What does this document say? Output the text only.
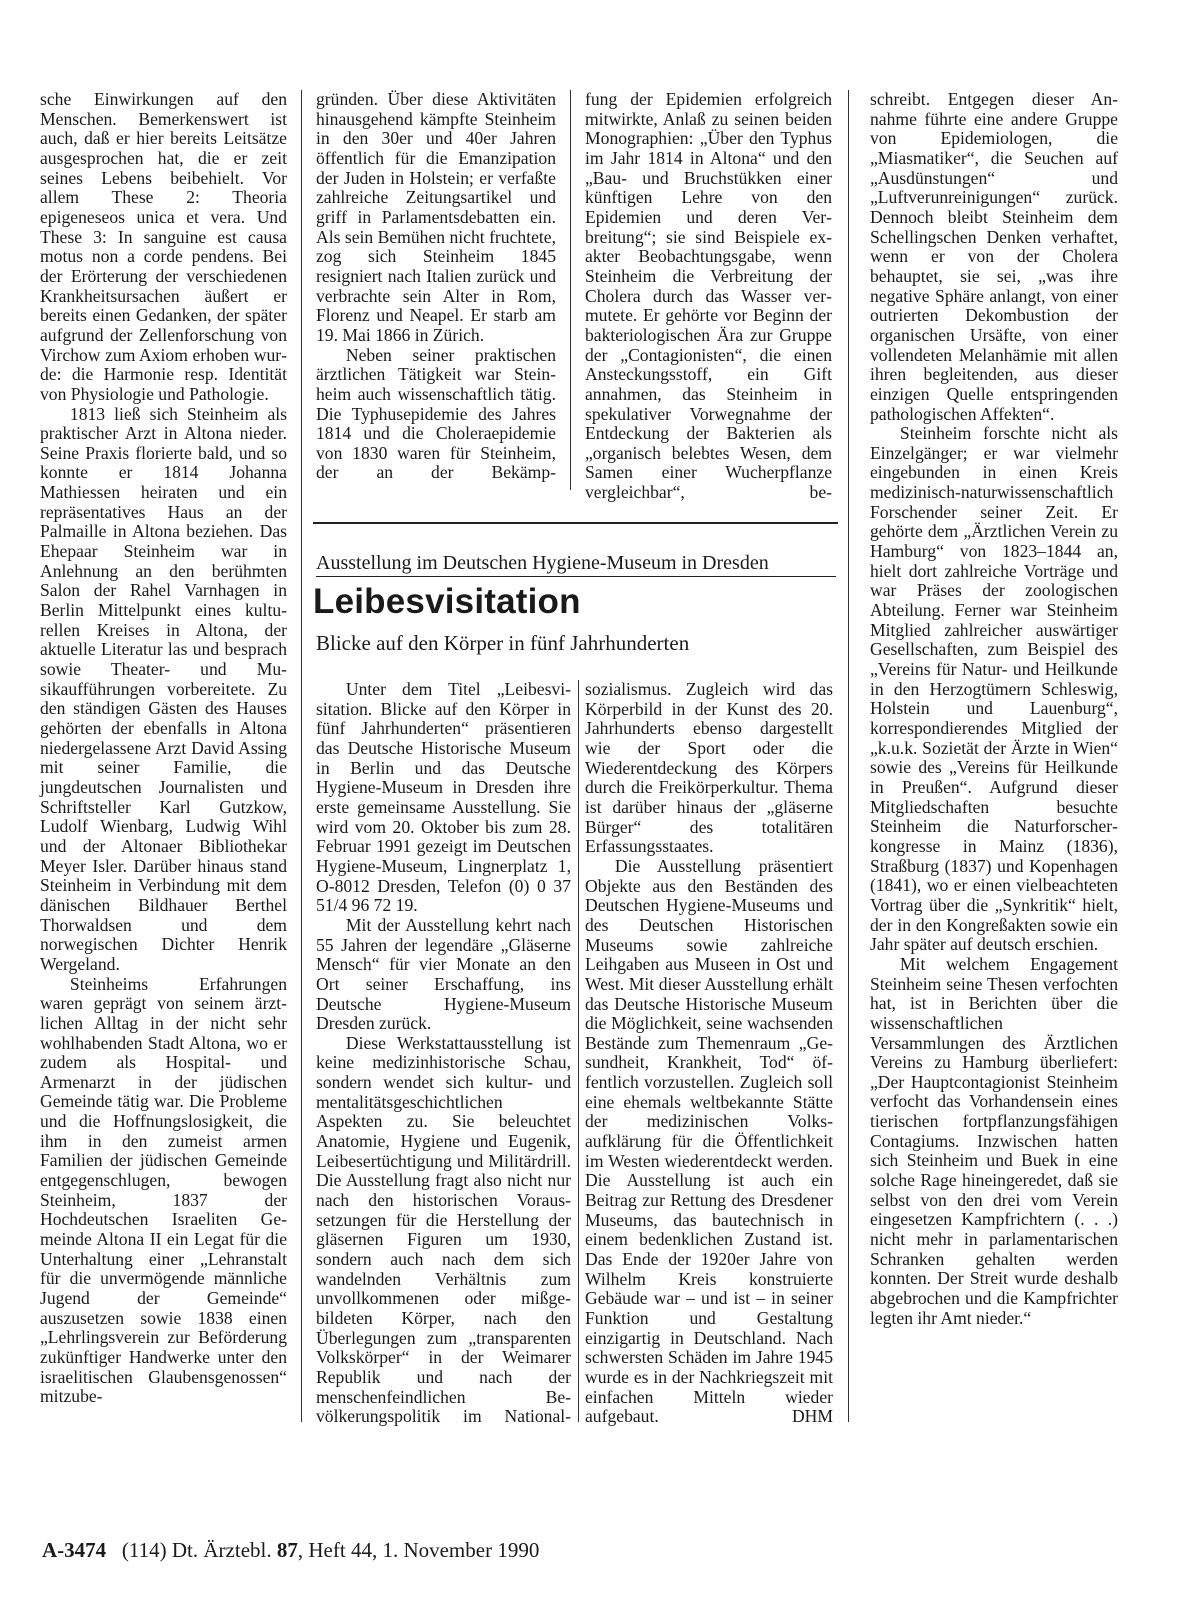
sche Einwirkungen auf den Menschen. Bemerkenswert ist auch, daß er hier bereits Leitsätze ausgesprochen hat, die er zeit seines Lebens beibehielt. Vor allem These 2: Theoria epigeneseos unica et vera. Und These 3: In sanguine est causa motus non a corde pendens. Bei der Erörterung der verschiedenen Krankheitsursachen äußert er bereits einen Gedanken, der später aufgrund der Zellenforschung von Virchow zum Axiom erhoben wurde: die Harmonie resp. Identität von Physiologie und Pathologie.

1813 ließ sich Steinheim als praktischer Arzt in Altona nieder. Seine Praxis florierte bald, und so konnte er 1814 Johanna Mathiessen heiraten und ein repräsentatives Haus an der Palmaille in Altona beziehen. Das Ehepaar Steinheim war in Anlehnung an den berühmten Salon der Rahel Varnhagen in Berlin Mittelpunkt eines kulturellen Kreises in Altona, der aktuelle Literatur las und besprach sowie Theater- und Musikaufführungen vorbereitete. Zu den ständigen Gästen des Hauses gehörten der ebenfalls in Altona niedergelassene Arzt David Assing mit seiner Familie, die jungdeutschen Journalisten und Schriftsteller Karl Gutzkow, Ludolf Wienbarg, Ludwig Wihl und der Altonaer Bibliothekar Meyer Isler. Darüber hinaus stand Steinheim in Verbindung mit dem dänischen Bildhauer Berthel Thorwaldsen und dem norwegischen Dichter Henrik Wergeland.

Steinheims Erfahrungen waren geprägt von seinem ärztlichen Alltag in der nicht sehr wohlhabenden Stadt Altona, wo er zudem als Hospital- und Armenarzt in der jüdischen Gemeinde tätig war. Die Probleme und die Hoffnungslosigkeit, die ihm in den zumeist armen Familien der jüdischen Gemeinde entgegenschlugen, bewogen Steinheim, 1837 der Hochdeutschen Israeliten Gemeinde Altona II ein Legat für die Unterhaltung einer „Lehranstalt für die unvermögende männliche Jugend der Gemeinde“ auszusetzen sowie 1838 einen „Lehrlingsverein zur Beförderung zukünftiger Handwerke unter den israelitischen Glaubensgenossen“ mitzube-

gründen. Über diese Aktivitäten hinausgehend kämpfte Steinheim in den 30er und 40er Jahren öffentlich für die Emanzipation der Juden in Holstein; er verfaßte zahlreiche Zeitungsartikel und griff in Parlamentsdebatten ein. Als sein Bemühen nicht fruchtete, zog sich Steinheim 1845 resigniert nach Italien zurück und verbrachte sein Alter in Rom, Florenz und Neapel. Er starb am 19. Mai 1866 in Zürich.

Neben seiner praktischen ärztlichen Tätigkeit war Steinheim auch wissenschaftlich tätig. Die Typhusepidemie des Jahres 1814 und die Choleraepidemie von 1830 waren für Steinheim, der an der Bekämp-

fung der Epidemien erfolgreich mitwirkte, Anlaß zu seinen beiden Monographien: „Über den Typhus im Jahr 1814 in Altona“ und den „Bau- und Bruchstükken einer künftigen Lehre von den Epidemien und deren Verbreitung“; sie sind Beispiele exakter Beobachtungsgabe, wenn Steinheim die Verbreitung der Cholera durch das Wasser vermutete. Er gehörte vor Beginn der bakteriologischen Ära zur Gruppe der „Contagionisten“, die einen Ansteckungsstoff, ein Gift annahmen, das Steinheim in spekulativer Vorwegnahme der Entdeckung der Bakterien als „organisch belebtes Wesen, dem Samen einer Wucherpflanze vergleichbar“, be-

schreibt. Entgegen dieser Annahme führte eine andere Gruppe von Epidemiologen, die „Miasmatiker“, die Seuchen auf „Ausdünstungen“ und „Luftverunreinigungen“ zurück. Dennoch bleibt Steinheim dem Schellingschen Denken verhaftet, wenn er von der Cholera behauptet, sie sei, „was ihre negative Sphäre anlangt, von einer outrierten Dekombustion der organischen Ursäfte, von einer vollendeten Melanhämie mit allen ihren begleitenden, aus dieser einzigen Quelle entspringenden pathologischen Affekten“.

Steinheim forschte nicht als Einzelgänger; er war vielmehr eingebunden in einen Kreis medizinisch-naturwissenschaftlich Forschender seiner Zeit. Er gehörte dem „Ärztlichen Verein zu Hamburg“ von 1823–1844 an, hielt dort zahlreiche Vorträge und war Präses der zoologischen Abteilung. Ferner war Steinheim Mitglied zahlreicher auswärtiger Gesellschaften, zum Beispiel des „Vereins für Natur- und Heilkunde in den Herzogtümern Schleswig, Holstein und Lauenburg“, korrespondierendes Mitglied der „k.u.k. Sozietät der Ärzte in Wien“ sowie des „Vereins für Heilkunde in Preußen“. Aufgrund dieser Mitgliedschaften besuchte Steinheim die Naturforscherkongresse in Mainz (1836), Straßburg (1837) und Kopenhagen (1841), wo er einen vielbeachteten Vortrag über die „Synkritik“ hielt, der in den Kongreßakten sowie ein Jahr später auf deutsch erschien.

Mit welchem Engagement Steinheim seine Thesen verfochten hat, ist in Berichten über die wissenschaftlichen Versammlungen des Ärztlichen Vereins zu Hamburg überliefert: „Der Hauptcontagionist Steinheim verfocht das Vorhandensein eines tierischen fortpflanzungsfähigen Contagiums. Inzwischen hatten sich Steinheim und Buek in eine solche Rage hineingeredet, daß sie selbst von den drei vom Verein eingesetzen Kampfrichtern (. . .) nicht mehr in parlamentarischen Schranken gehalten werden konnten. Der Streit wurde deshalb abgebrochen und die Kampfrichter legten ihr Amt nieder.“

Ausstellung im Deutschen Hygiene-Museum in Dresden
Leibesvisitation
Blicke auf den Körper in fünf Jahrhunderten

Unter dem Titel „Leibesvisitation. Blicke auf den Körper in fünf Jahrhunderten“ präsentieren das Deutsche Historische Museum in Berlin und das Deutsche Hygiene-Museum in Dresden ihre erste gemeinsame Ausstellung. Sie wird vom 20. Oktober bis zum 28. Februar 1991 gezeigt im Deutschen Hygiene-Museum, Lingnerplatz 1, O-8012 Dresden, Telefon (0) 0 37 51/4 96 72 19.

Mit der Ausstellung kehrt nach 55 Jahren der legendäre „Gläserne Mensch“ für vier Monate an den Ort seiner Erschaffung, ins Deutsche Hygiene-Museum Dresden zurück.

Diese Werkstattausstellung ist keine medizinhistorische Schau, sondern wendet sich kultur- und mentalitätsgeschichtlichen Aspekten zu. Sie beleuchtet Anatomie, Hygiene und Eugenik, Leibesertüchtigung und Militärdrill. Die Ausstellung fragt also nicht nur nach den historischen Voraussetzungen für die Herstellung der gläsernen Figuren um 1930, sondern auch nach dem sich wandelnden Verhältnis zum unvollkommenen oder mißgebildeten Körper, nach den Überlegungen zum „transparenten Volkskörper“ in der Weimarer Republik und nach der menschenfeindlichen Bevölkerungspolitik im National-

sozialismus. Zugleich wird das Körperbild in der Kunst des 20. Jahrhunderts ebenso dargestellt wie der Sport oder die Wiederentdeckung des Körpers durch die Freikörperkultur. Thema ist darüber hinaus der „gläserne Bürger“ des totalitären Erfassungsstaates.

Die Ausstellung präsentiert Objekte aus den Beständen des Deutschen Hygiene-Museums und des Deutschen Historischen Museums sowie zahlreiche Leihgaben aus Museen in Ost und West. Mit dieser Ausstellung erhält das Deutsche Historische Museum die Möglichkeit, seine wachsenden Bestände zum Themenraum „Gesundheit, Krankheit, Tod“ öffentlich vorzustellen. Zugleich soll eine ehemals weltbekannte Stätte der medizinischen Volksaufklärung für die Öffentlichkeit im Westen wiederentdeckt werden. Die Ausstellung ist auch ein Beitrag zur Rettung des Dresdener Museums, das bautechnisch in einem bedenklichen Zustand ist. Das Ende der 1920er Jahre von Wilhelm Kreis konstruierte Gebäude war – und ist – in seiner Funktion und Gestaltung einzigartig in Deutschland. Nach schwersten Schäden im Jahre 1945 wurde es in der Nachkriegszeit mit einfachen Mitteln wieder aufgebaut.	DHM

A-3474 (114) Dt. Ärztebl. 87, Heft 44, 1. November 1990
